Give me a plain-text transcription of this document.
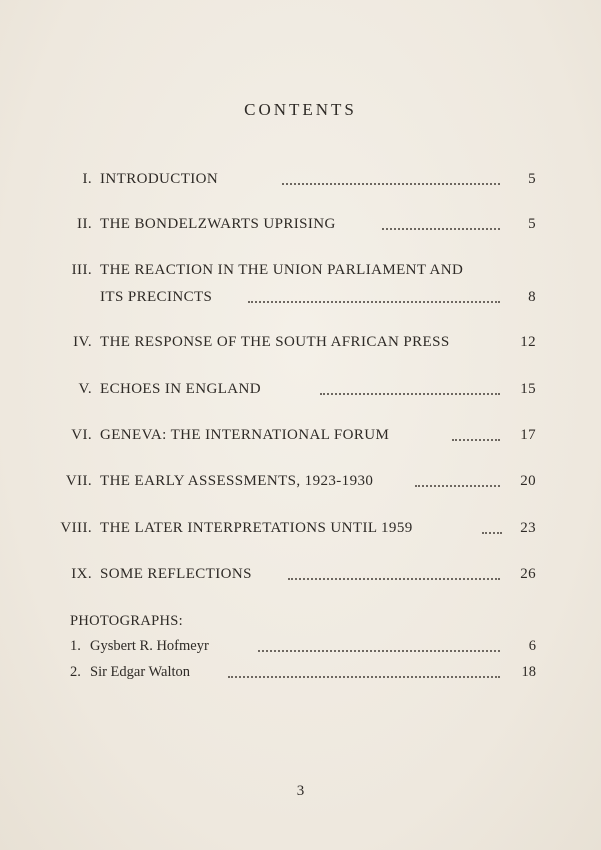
CONTENTS
I. INTRODUCTION	5
II. THE BONDELZWARTS UPRISING	5
III. THE REACTION IN THE UNION PARLIAMENT AND
ITS PRECINCTS	8
IV. THE RESPONSE OF THE SOUTH AFRICAN PRESS	12
V. ECHOES IN ENGLAND	15
VI. GENEVA: THE INTERNATIONAL FORUM	17
VII. THE EARLY ASSESSMENTS, 1923-1930	20
VIII. THE LATER INTERPRETATIONS UNTIL 1959	23
IX. SOME REFLECTIONS	26
PHOTOGRAPHS:
1. Gysbert R. Hofmeyr	6
2. Sir Edgar Walton	18
3
